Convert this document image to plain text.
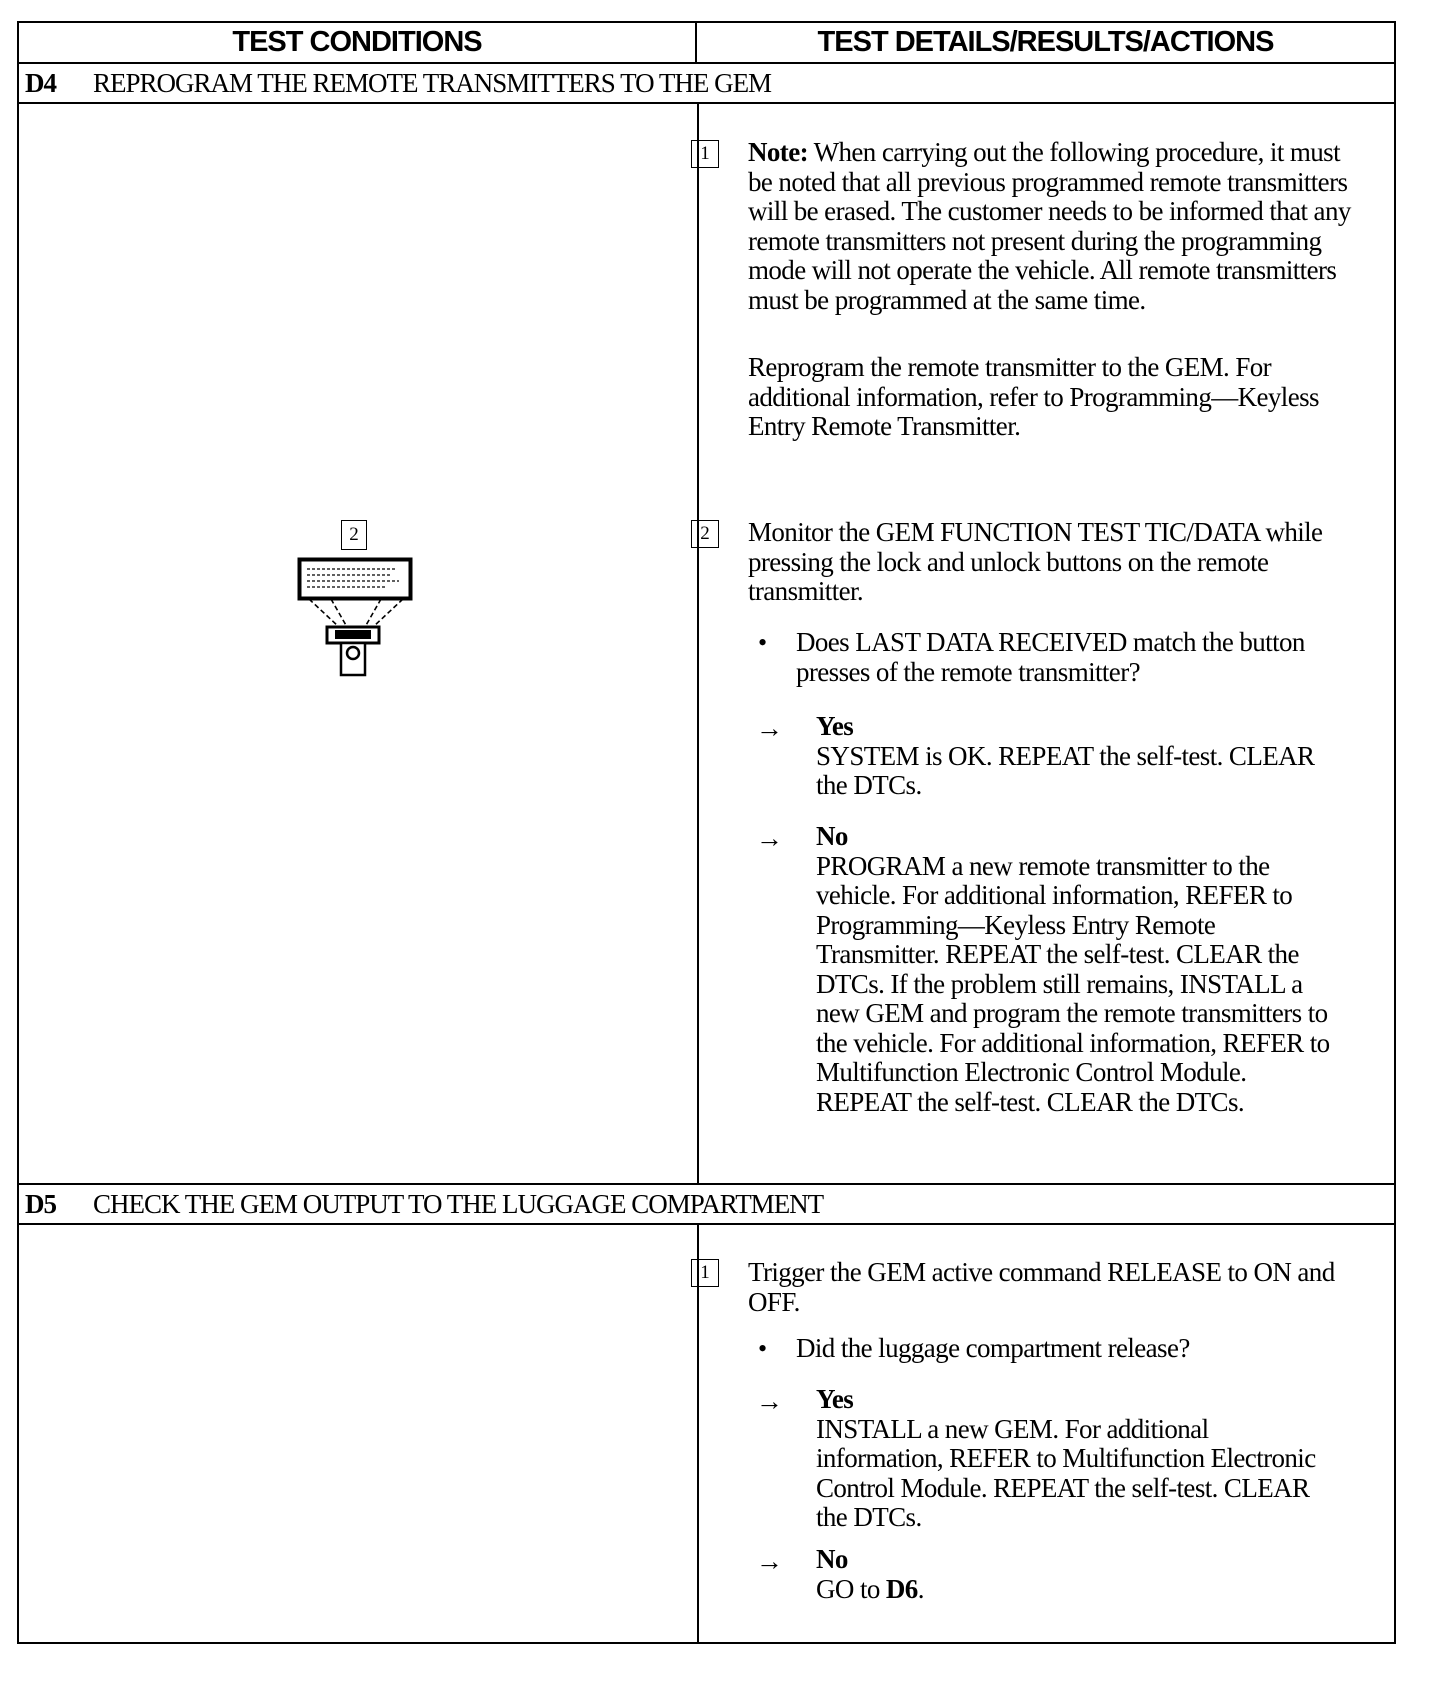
TEST CONDITIONS	TEST DETAILS/RESULTS/ACTIONS
D4	REPROGRAM THE REMOTE TRANSMITTERS TO THE GEM
1	Note: When carrying out the following procedure, it must be noted that all previous programmed remote transmitters will be erased. The customer needs to be informed that any remote transmitters not present during the programming mode will not operate the vehicle. All remote transmitters must be programmed at the same time.

Reprogram the remote transmitter to the GEM. For additional information, refer to Programming—Keyless Entry Remote Transmitter.

2	2	Monitor the GEM FUNCTION TEST TIC/DATA while pressing the lock and unlock buttons on the remote transmitter.

• Does LAST DATA RECEIVED match the button presses of the remote transmitter?

→ Yes
SYSTEM is OK. REPEAT the self-test. CLEAR the DTCs.

→ No
PROGRAM a new remote transmitter to the vehicle. For additional information, REFER to Programming—Keyless Entry Remote Transmitter. REPEAT the self-test. CLEAR the DTCs. If the problem still remains, INSTALL a new GEM and program the remote transmitters to the vehicle. For additional information, REFER to Multifunction Electronic Control Module. REPEAT the self-test. CLEAR the DTCs.

D5	CHECK THE GEM OUTPUT TO THE LUGGAGE COMPARTMENT
1	Trigger the GEM active command RELEASE to ON and OFF.

• Did the luggage compartment release?

→ Yes
INSTALL a new GEM. For additional information, REFER to Multifunction Electronic Control Module. REPEAT the self-test. CLEAR the DTCs.

→ No
GO to D6.
